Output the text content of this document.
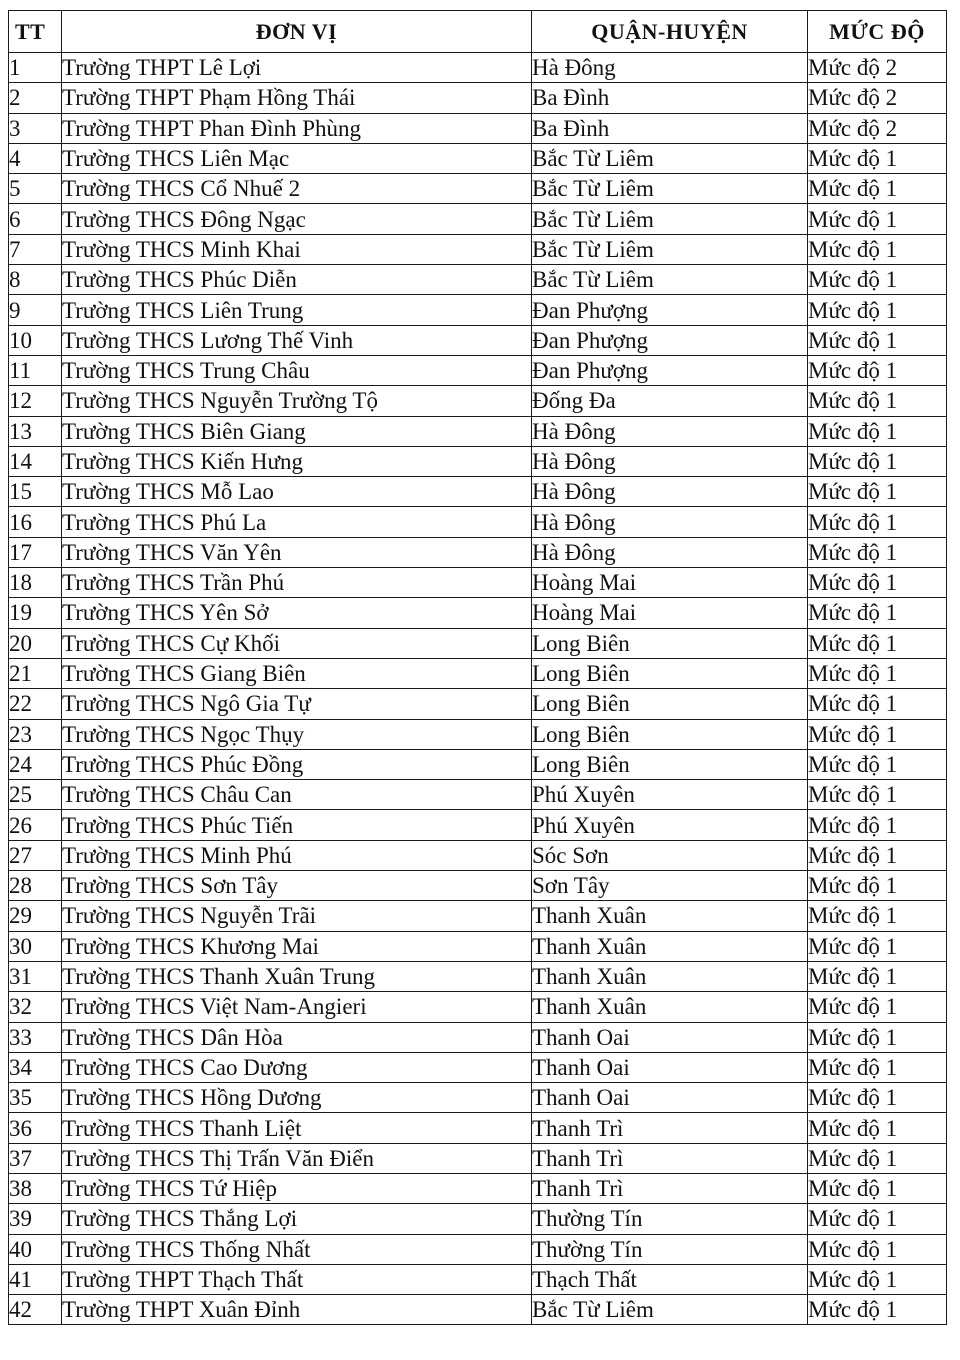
TT	ĐƠN VỊ	QUẬN-HUYỆN	MỨC ĐỘ
1	Trường THPT Lê Lợi	Hà Đông	Mức độ 2
2	Trường THPT Phạm Hồng Thái	Ba Đình	Mức độ 2
3	Trường THPT Phan Đình Phùng	Ba Đình	Mức độ 2
4	Trường THCS Liên Mạc	Bắc Từ Liêm	Mức độ 1
5	Trường THCS Cổ Nhuế 2	Bắc Từ Liêm	Mức độ 1
6	Trường THCS Đông Ngạc	Bắc Từ Liêm	Mức độ 1
7	Trường THCS Minh Khai	Bắc Từ Liêm	Mức độ 1
8	Trường THCS Phúc Diễn	Bắc Từ Liêm	Mức độ 1
9	Trường THCS Liên Trung	Đan Phượng	Mức độ 1
10	Trường THCS Lương Thế Vinh	Đan Phượng	Mức độ 1
11	Trường THCS Trung Châu	Đan Phượng	Mức độ 1
12	Trường THCS Nguyễn Trường Tộ	Đống Đa	Mức độ 1
13	Trường THCS Biên Giang	Hà Đông	Mức độ 1
14	Trường THCS Kiến Hưng	Hà Đông	Mức độ 1
15	Trường THCS Mỗ Lao	Hà Đông	Mức độ 1
16	Trường THCS Phú La	Hà Đông	Mức độ 1
17	Trường THCS Văn Yên	Hà Đông	Mức độ 1
18	Trường THCS Trần Phú	Hoàng Mai	Mức độ 1
19	Trường THCS Yên Sở	Hoàng Mai	Mức độ 1
20	Trường THCS Cự Khối	Long Biên	Mức độ 1
21	Trường THCS Giang Biên	Long Biên	Mức độ 1
22	Trường THCS Ngô Gia Tự	Long Biên	Mức độ 1
23	Trường THCS Ngọc Thụy	Long Biên	Mức độ 1
24	Trường THCS Phúc Đồng	Long Biên	Mức độ 1
25	Trường THCS Châu Can	Phú Xuyên	Mức độ 1
26	Trường THCS Phúc Tiến	Phú Xuyên	Mức độ 1
27	Trường THCS Minh Phú	Sóc Sơn	Mức độ 1
28	Trường THCS Sơn Tây	Sơn Tây	Mức độ 1
29	Trường THCS Nguyễn Trãi	Thanh Xuân	Mức độ 1
30	Trường THCS Khương Mai	Thanh Xuân	Mức độ 1
31	Trường THCS Thanh Xuân Trung	Thanh Xuân	Mức độ 1
32	Trường THCS Việt Nam-Angieri	Thanh Xuân	Mức độ 1
33	Trường THCS Dân Hòa	Thanh Oai	Mức độ 1
34	Trường THCS Cao Dương	Thanh Oai	Mức độ 1
35	Trường THCS Hồng Dương	Thanh Oai	Mức độ 1
36	Trường THCS Thanh Liệt	Thanh Trì	Mức độ 1
37	Trường THCS Thị Trấn Văn Điển	Thanh Trì	Mức độ 1
38	Trường THCS Tứ Hiệp	Thanh Trì	Mức độ 1
39	Trường THCS Thắng Lợi	Thường Tín	Mức độ 1
40	Trường THCS Thống Nhất	Thường Tín	Mức độ 1
41	Trường THPT Thạch Thất	Thạch Thất	Mức độ 1
42	Trường THPT Xuân Đỉnh	Bắc Từ Liêm	Mức độ 1
